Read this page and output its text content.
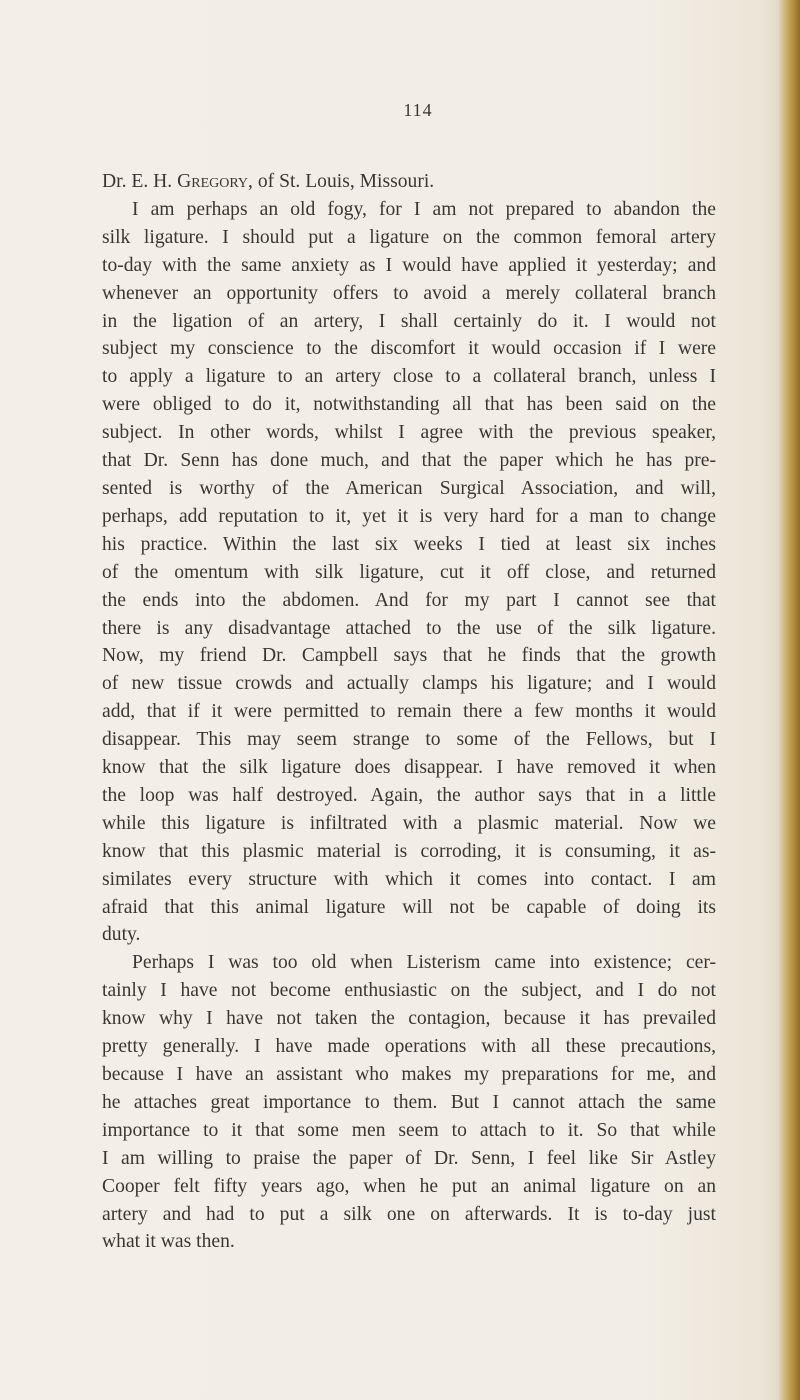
114
Dr. E. H. Gregory, of St. Louis, Missouri.
I am perhaps an old fogy, for I am not prepared to abandon the
silk ligature. I should put a ligature on the common femoral artery
to-day with the same anxiety as I would have applied it yesterday; and
whenever an opportunity offers to avoid a merely collateral branch
in the ligation of an artery, I shall certainly do it. I would not
subject my conscience to the discomfort it would occasion if I were
to apply a ligature to an artery close to a collateral branch, unless I
were obliged to do it, notwithstanding all that has been said on the
subject. In other words, whilst I agree with the previous speaker,
that Dr. Senn has done much, and that the paper which he has pre-
sented is worthy of the American Surgical Association, and will,
perhaps, add reputation to it, yet it is very hard for a man to change
his practice. Within the last six weeks I tied at least six inches
of the omentum with silk ligature, cut it off close, and returned
the ends into the abdomen. And for my part I cannot see that
there is any disadvantage attached to the use of the silk ligature.
Now, my friend Dr. Campbell says that he finds that the growth
of new tissue crowds and actually clamps his ligature; and I would
add, that if it were permitted to remain there a few months it would
disappear. This may seem strange to some of the Fellows, but I
know that the silk ligature does disappear. I have removed it when
the loop was half destroyed. Again, the author says that in a little
while this ligature is infiltrated with a plasmic material. Now we
know that this plasmic material is corroding, it is consuming, it as-
similates every structure with which it comes into contact. I am
afraid that this animal ligature will not be capable of doing its
duty.
Perhaps I was too old when Listerism came into existence; cer-
tainly I have not become enthusiastic on the subject, and I do not
know why I have not taken the contagion, because it has prevailed
pretty generally. I have made operations with all these precautions,
because I have an assistant who makes my preparations for me, and
he attaches great importance to them. But I cannot attach the same
importance to it that some men seem to attach to it. So that while
I am willing to praise the paper of Dr. Senn, I feel like Sir Astley
Cooper felt fifty years ago, when he put an animal ligature on an
artery and had to put a silk one on afterwards. It is to-day just
what it was then.
